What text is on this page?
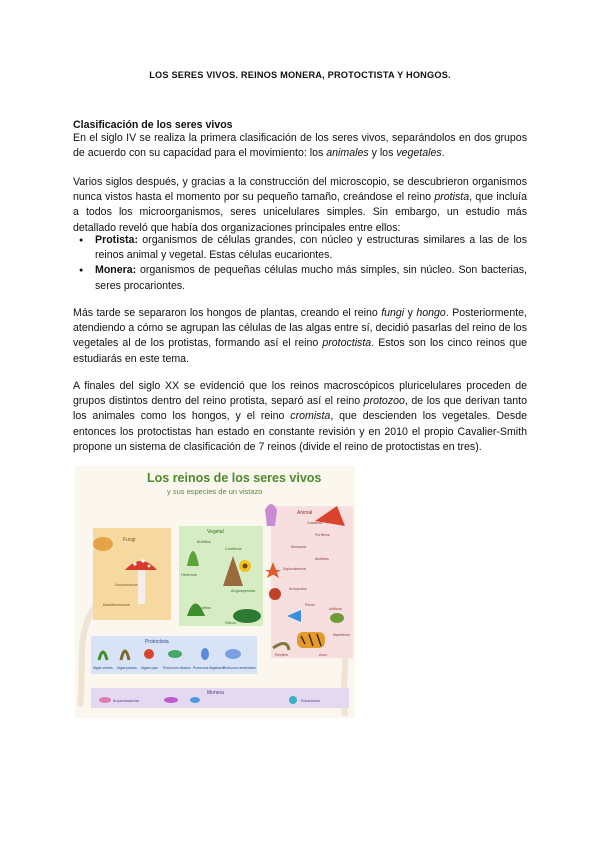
LOS SERES VIVOS. REINOS MONERA, PROTOCTISTA Y HONGOS.
Clasificación de los seres vivos
En el siglo IV se realiza la primera clasificación de los seres vivos, separándolos en dos grupos de acuerdo con su capacidad para el movimiento: los animales y los vegetales.
Varios siglos después, y gracias a la construcción del microscopio, se descubrieron organismos nunca vistos hasta el momento por su pequeño tamaño, creándose el reino protista, que incluía a todos los microorganismos, seres unicelulares simples. Sin embargo, un estudio más detallado reveló que había dos organizaciones principales entre ellos:
● Protista: organismos de células grandes, con núcleo y estructuras similares a las de los reinos animal y vegetal. Estas células eucariontes.
● Monera: organismos de pequeñas células mucho más simples, sin núcleo. Son bacterias, seres procariontes.
Más tarde se separaron los hongos de plantas, creando el reino fungi y hongo. Posteriormente, atendiendo a cómo se agrupan las células de las algas entre sí, decidió pasarlas del reino de los vegetales al de los protistas, formando así el reino protoctista. Estos son los cinco reinos que estudiarás en este tema.
A finales del siglo XX se evidenció que los reinos macroscópicos pluricelulares proceden de grupos distintos dentro del reino protista, separó así el reino protozoo, de los que derivan tanto los animales como los hongos, y el reino cromista, que descienden los vegetales. Desde entonces los protoctistas han estado en constante revisión y en 2010 el propio Cavalier-Smith propone un sistema de clasificación de 7 reinos (divide el reino de protoctistas en tres).
Los reinos de los seres vivos
y sus especies de un vistazo
Fungi
Ascomicetos
Basidiomicetos
Vegetal
Briófitos
Helechos
Coníferas
Angiospermas
Licófitos
Sílicos
Animal
Cnidarios
Poríferos
Moluscos
Anélidos
Equinodermos
Artrópodos
Peces
Anfibios
Reptiles	Aves
Mamíferos
Protoctista
Algas verdes Algas pardas Algas rojas Protozoos ciliados Protozoos flagelados
Protozoos ameboides
Monera
Arqueobacterias	Eubacterias
